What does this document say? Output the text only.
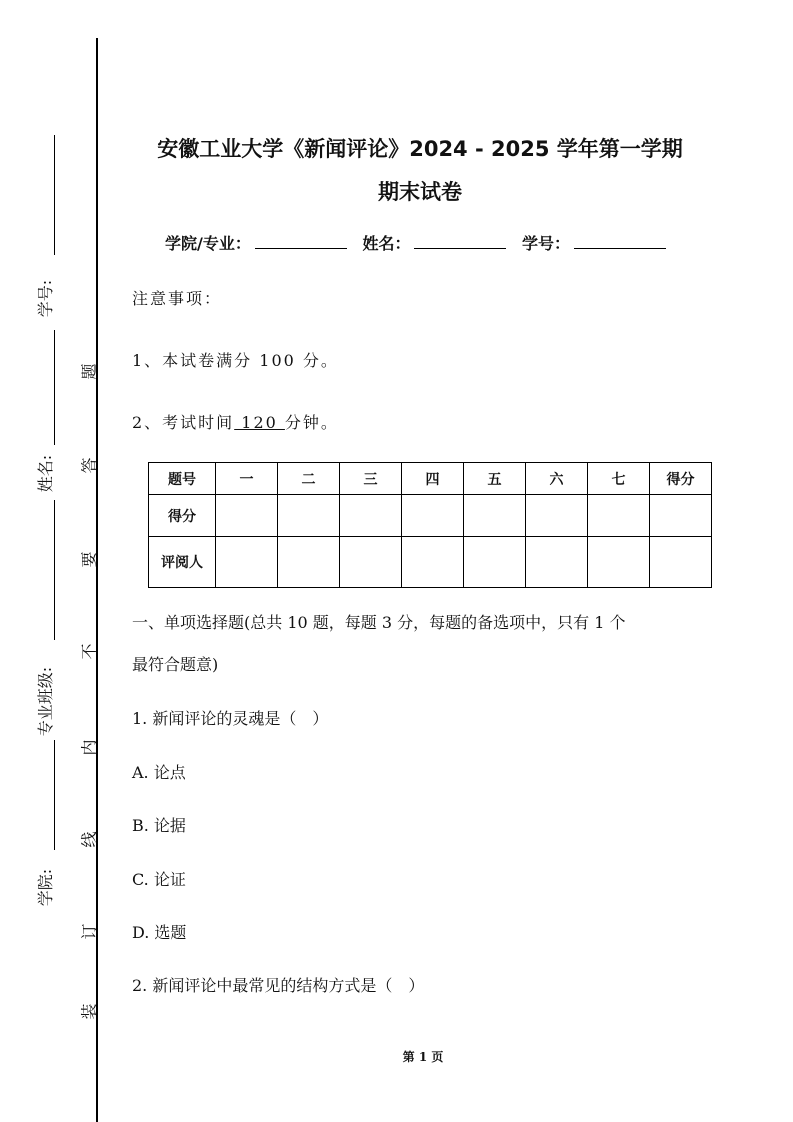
学号:
姓名:
专业班级:
学院:
装
订
线
内
不
要
答
题
安徽工业大学《新闻评论》2024 - 2025 学年第一学期
期末试卷
学院/专业：	姓名：	学号：
注意事项：
1、本试卷满分 100 分。
2、考试时间 120 分钟。
题号	一	二	三	四	五	六	七	得分
得分								
评阅人								
一、单项选择题(总共 10 题，每题 3 分，每题的备选项中，只有 1 个
最符合题意)
1. 新闻评论的灵魂是（　）
A. 论点
B. 论据
C. 论证
D. 选题
2. 新闻评论中最常见的结构方式是（　）
第 1 页
